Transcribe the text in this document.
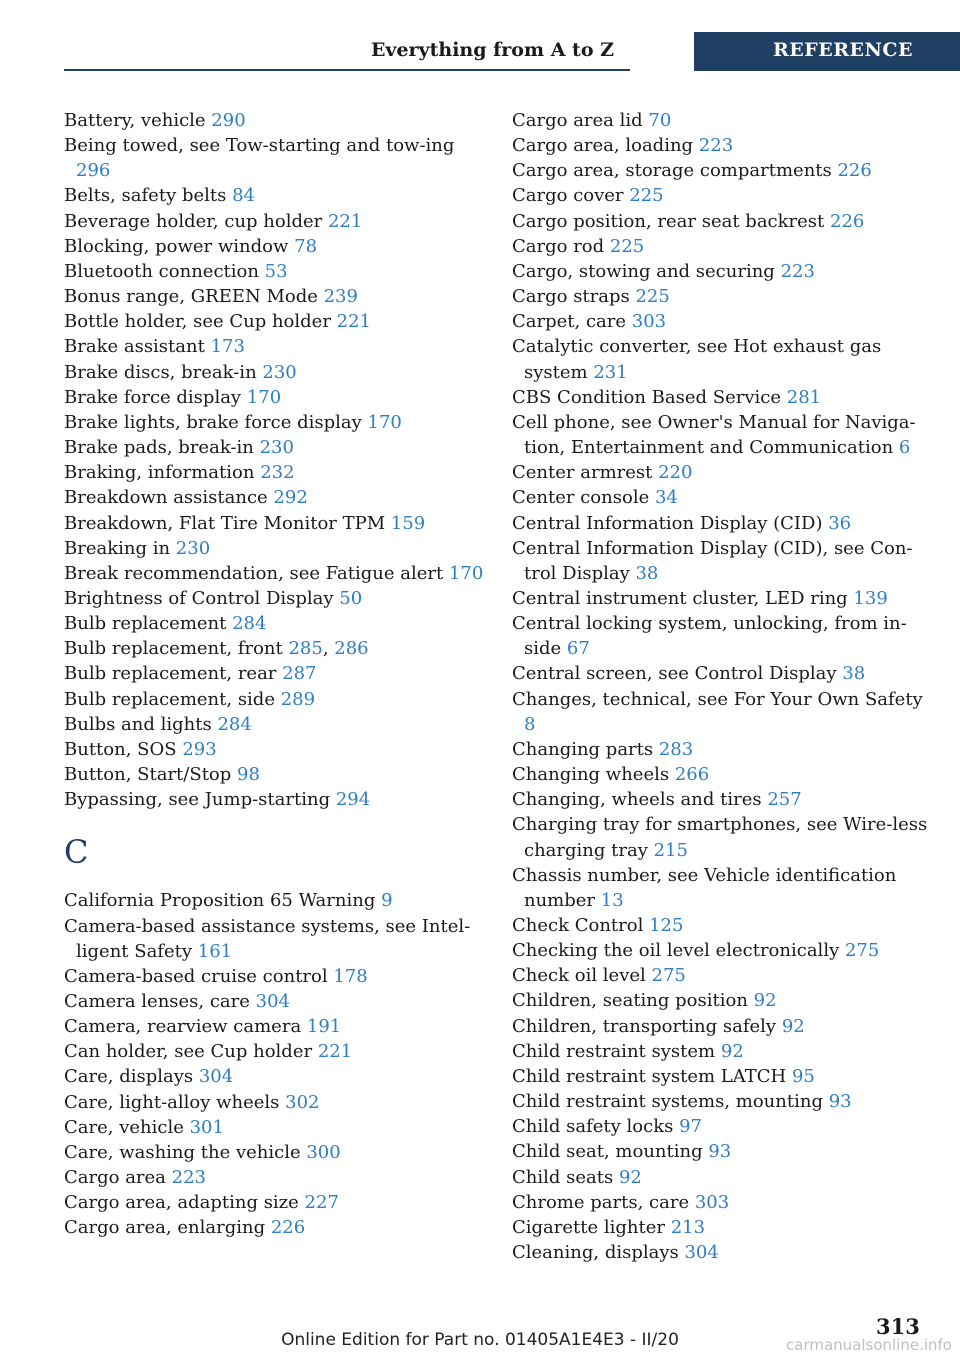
Everything from A to Z	REFERENCE
Battery, vehicle 290
Being towed, see Tow-starting and tow-ing 296
Belts, safety belts 84
Beverage holder, cup holder 221
Blocking, power window 78
Bluetooth connection 53
Bonus range, GREEN Mode 239
Bottle holder, see Cup holder 221
Brake assistant 173
Brake discs, break-in 230
Brake force display 170
Brake lights, brake force display 170
Brake pads, break-in 230
Braking, information 232
Breakdown assistance 292
Breakdown, Flat Tire Monitor TPM 159
Breaking in 230
Break recommendation, see Fatigue alert 170
Brightness of Control Display 50
Bulb replacement 284
Bulb replacement, front 285, 286
Bulb replacement, rear 287
Bulb replacement, side 289
Bulbs and lights 284
Button, SOS 293
Button, Start/Stop 98
Bypassing, see Jump-starting 294
C
California Proposition 65 Warning 9
Camera-based assistance systems, see Intel-ligent Safety 161
Camera-based cruise control 178
Camera lenses, care 304
Camera, rearview camera 191
Can holder, see Cup holder 221
Care, displays 304
Care, light-alloy wheels 302
Care, vehicle 301
Care, washing the vehicle 300
Cargo area 223
Cargo area, adapting size 227
Cargo area, enlarging 226
Cargo area lid 70
Cargo area, loading 223
Cargo area, storage compartments 226
Cargo cover 225
Cargo position, rear seat backrest 226
Cargo rod 225
Cargo, stowing and securing 223
Cargo straps 225
Carpet, care 303
Catalytic converter, see Hot exhaust gas system 231
CBS Condition Based Service 281
Cell phone, see Owner's Manual for Naviga-tion, Entertainment and Communication 6
Center armrest 220
Center console 34
Central Information Display (CID) 36
Central Information Display (CID), see Con-trol Display 38
Central instrument cluster, LED ring 139
Central locking system, unlocking, from in-side 67
Central screen, see Control Display 38
Changes, technical, see For Your Own Safety 8
Changing parts 283
Changing wheels 266
Changing, wheels and tires 257
Charging tray for smartphones, see Wire-less charging tray 215
Chassis number, see Vehicle identification number 13
Check Control 125
Checking the oil level electronically 275
Check oil level 275
Children, seating position 92
Children, transporting safely 92
Child restraint system 92
Child restraint system LATCH 95
Child restraint systems, mounting 93
Child safety locks 97
Child seat, mounting 93
Child seats 92
Chrome parts, care 303
Cigarette lighter 213
Cleaning, displays 304
313
Online Edition for Part no. 01405A1E4E3 - II/20	carmanualsonline.info
